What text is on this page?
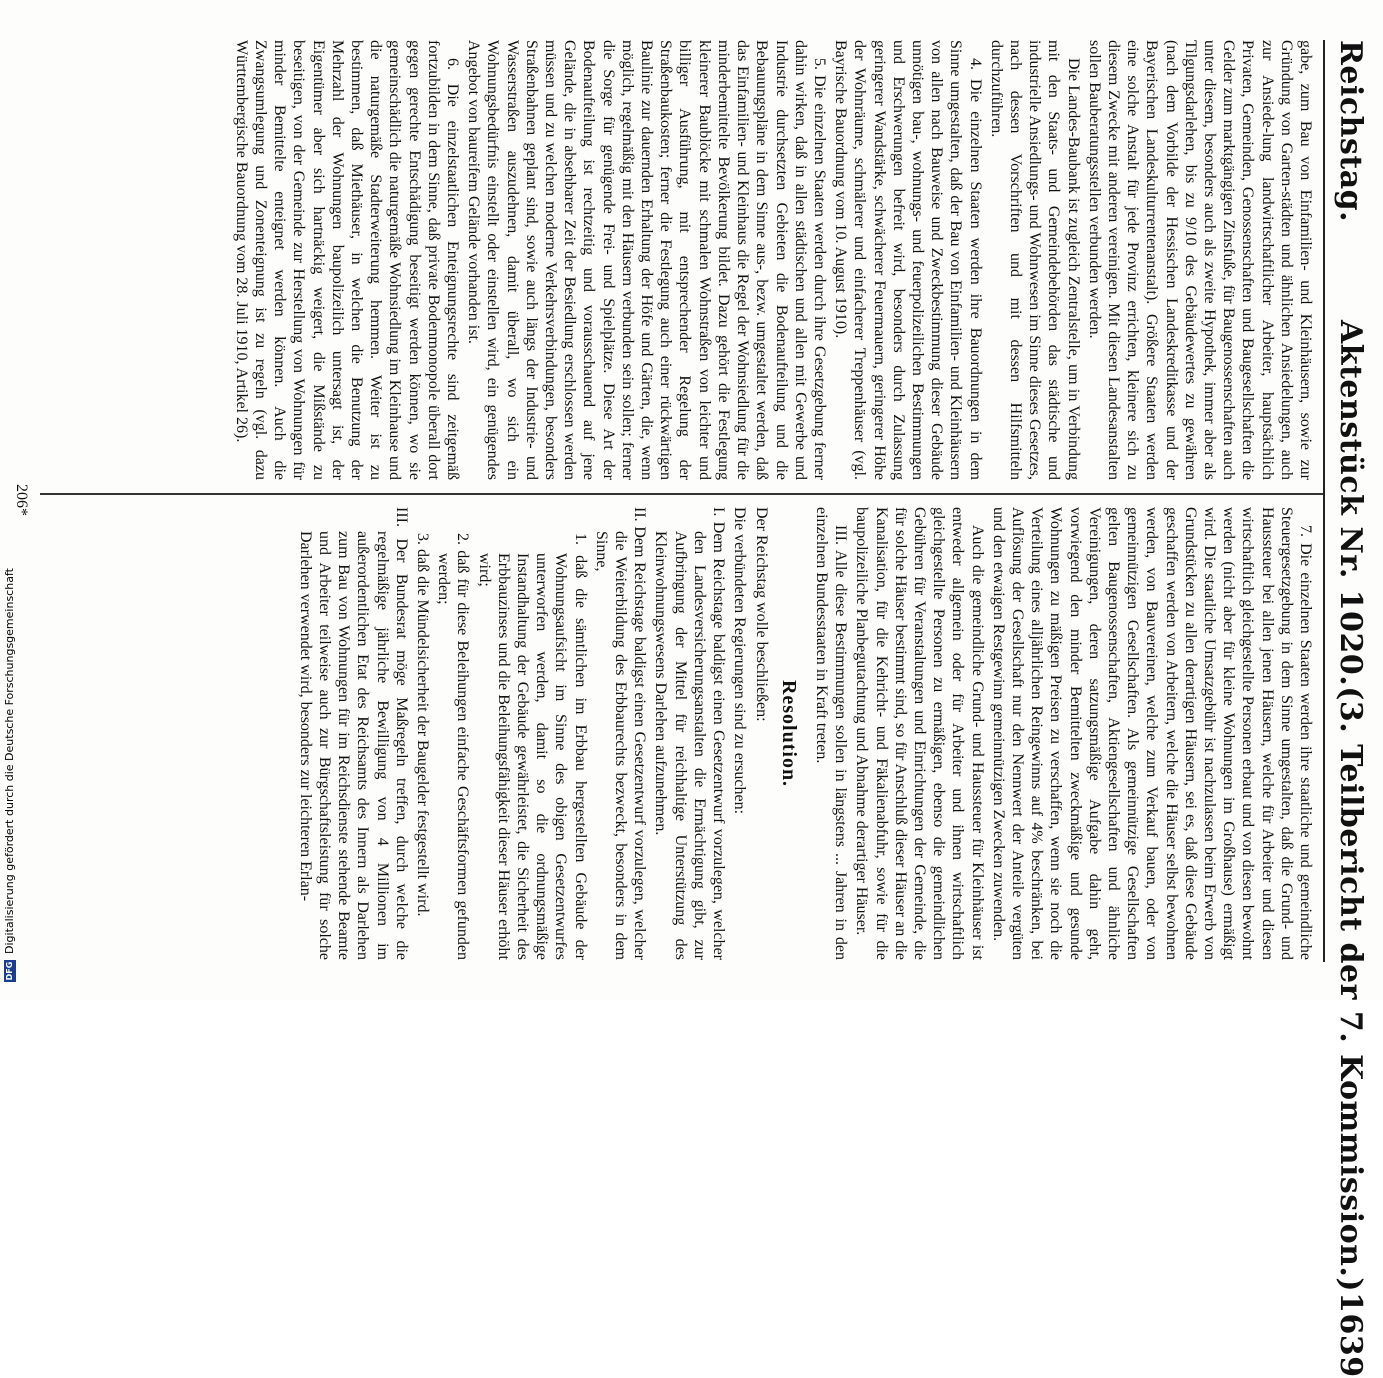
Reichstag.
Aktenstück Nr. 1020.
(3. Teilbericht der 7. Kommission.)
1639

gabe, zum Bau von Einfamilien- und Kleinhäusern, sowie zur Gründung von Garten-städten und ähnlichen Ansiedelungen, auch zur Ansiede-lung landwirtschaftlicher Arbeiter, hauptsächlich Privaten, Gemeinden, Genossenschaften und Baugesellschaften die Gelder zum marktgängigen Zinsfuße, für Baugenossenschaften auch unter diesem, besonders auch als zweite Hypothek, immer aber als Tilgungsdarlehen, bis zu 9/10 des Gebäudewertes zu gewähren (nach dem Vorbilde der Hessischen Landeskreditkasse und der Bayerischen Landeskulturrentenanstalt). Größere Staaten werden eine solche Anstalt für jede Provinz errichten, kleinere sich zu diesem Zwecke mit anderen vereinigen. Mit diesen Landesanstalten sollen Bauberatungsstellen verbunden werden.

Die Landes-Baubank ist zugleich Zentralstelle, um in Verbindung mit den Staats- und Gemeindebehörden das städtische und industrielle Ansiedlungs- und Wohnwesen im Sinne dieses Gesetzes, nach dessen Vorschriften und mit dessen Hilfsmitteln durchzuführen.

4. Die einzelnen Staaten werden ihre Bauordnungen in dem Sinne umgestalten, daß der Bau von Einfamilien- und Kleinhäusern von allen nach Bauweise und Zweckbestimmung dieser Gebäude unnötigen bau-, wohnungs- und feuerpolizeilichen Bestimmungen und Erschwerungen befreit wird, besonders durch Zulassung geringerer Wandstärke, schwächerer Feuermauern, geringerer Höhe der Wohnräume, schmälerer und einfacherer Treppenhäuser (vgl. Bayrische Bauordnung vom 10. August 1910).

5. Die einzelnen Staaten werden durch ihre Gesetzgebung ferner dahin wirken, daß in allen städtischen und allen mit Gewerbe und Industrie durchsetzten Gebieten die Bodenaufteilung und die Bebauungspläne in dem Sinne aus-, bezw. umgestaltet werden, daß das Einfamilien- und Kleinhaus die Regel der Wohnsiedlung für die minderbemittelte Bevölkerung bildet. Dazu gehört die Festlegung kleinerer Baublöcke mit schmalen Wohnstraßen von leichter und billiger Ausführung, mit entsprechender Regelung der Straßenbaukosten; ferner die Festlegung auch einer rückwärtigen Baulinie zur dauernden Erhaltung der Höfe und Gärten, die, wenn möglich, regelmäßig mit den Häusern verbunden sein sollen; ferner die Sorge für genügende Frei- und Spielplätze. Diese Art der Bodenaufteilung ist rechtzeitig und vorausschauend auf jene Gelände, die in absehbarer Zeit der Besiedlung erschlossen werden müssen und zu welchen moderne Verkehrsverbindungen, besonders Straßenbahnen geplant sind, sowie auch längs der Industrie- und Wasserstraßen auszudehnen, damit überall, wo sich ein Wohnungsbedürfnis einstellt oder einstellen wird, ein genügendes Angebot von baureifem Gelände vorhanden ist.

6. Die einzelstaatlichen Enteignungsrechte sind zeitgemäß fortzubilden in dem Sinne, daß private Bodenmonopole überall dort gegen gerechte Entschädigung beseitigt werden können, wo sie gemeinschädlich die naturgemäße Wohnsiedlung im Kleinhause und die naturgemäße Stadterweiterung hemmen. Weiter ist zu bestimmen, daß Miethäuser, in welchen die Benutzung der Mehrzahl der Wohnungen baupolizeilich untersagt ist, der Eigentümer aber sich hartnäckig weigert, die Mißstände zu beseitigen, von der Gemeinde zur Herstellung von Wohnungen für minder Bemittelte enteignet werden können. Auch die Zwangsumlegung und Zonenteignung ist zu regeln (vgl. dazu Württembergische Bauordnung vom 28. Juli 1910, Artikel 26).

7. Die einzelnen Staaten werden ihre staatliche und gemeindliche Steuergesetzgebung in dem Sinne umgestalten, daß die Grund- und Haussteuer bei allen jenen Häusern, welche für Arbeiter und diesen wirtschaftlich gleichgestellte Personen erbaut und von diesen bewohnt werden (nicht aber für kleine Wohnungen im Großhause) ermäßigt wird. Die staatliche Umsatzgebühr ist nachzulassen beim Erwerb von Grundstücken zu allen derartigen Häusern, sei es, daß diese Gebäude geschaffen werden von Arbeitern, welche die Häuser selbst bewohnen werden, von Bauvereinen, welche zum Verkauf bauen, oder von gemeinnützigen Gesellschaften. Als gemeinnützige Gesellschaften gelten Baugenossenschaften, Aktiengesellschaften und ähnliche Vereinigungen, deren satzungsmäßige Aufgabe dahin geht, vorwiegend den minder Bemittelten zweckmäßige und gesunde Wohnungen zu mäßigen Preisen zu verschaffen, wenn sie noch die Verteilung eines alljährlichen Reingewinns auf 4% beschränken, bei Auflösung der Gesellschaft nur den Nennwert der Anteile vergüten und den etwaigen Restgewinn gemeinnützigen Zwecken zuwenden.

Auch die gemeindliche Grund- und Haussteuer für Kleinhäuser ist entweder allgemein oder für Arbeiter und ihnen wirtschaftlich gleichgestellte Personen zu ermäßigen, ebenso die gemeindlichen Gebühren für Veranstaltungen und Einrichtungen der Gemeinde, die für solche Häuser bestimmt sind, so für Anschluß dieser Häuser an die Kanalisation, für die Kehricht- und Fäkalienabfuhr, sowie für die baupolizeiliche Planbegutachtung und Abnahme derartiger Häuser.

III. Alle diese Bestimmungen sollen in längstens ... Jahren in den einzelnen Bundesstaaten in Kraft treten.

Resolution.

Der Reichstag wolle beschließen:

Die verbündeten Regierungen sind zu ersuchen:

I. Dem Reichstage baldigst einen Gesetzentwurf vorzulegen, welcher den Landesversicherungsanstalten die Ermächtigung gibt, zur Aufbringung der Mittel für reichhaltige Unterstützung des Kleinwohnungswesens Darlehen aufzunehmen.

II. Dem Reichstage baldigst einen Gesetzentwurf vorzulegen, welcher die Weiterbildung des Erbbaurechts bezweckt, besonders in dem Sinne,

1. daß die sämtlichen im Erbbau hergestellten Gebäude der Wohnungsaufsicht im Sinne des obigen Gesetzentwurfes unterworfen werden, damit so die ordnungsmäßige Instandhaltung der Gebäude gewährleistet, die Sicherheit des Erbbauzinses und die Beleihungsfähigkeit dieser Häuser erhöht wird;

2. daß für diese Beleihungen einfache Geschäftsformen gefunden werden;

3. daß die Mündelsicherheit der Baugelder festgestellt wird.

III. Der Bundesrat möge Maßregeln treffen, durch welche die regelmäßige jährliche Bewilligung von 4 Millionen im außerordentlichen Etat des Reichsamts des Innern als Darlehen zum Bau von Wohnungen für im Reichsdienste stehende Beamte und Arbeiter teilweise auch zur Bürgschaftsleistung für solche Darlehen verwendet wird, besonders zur leichteren Erlan-

206*
DFG
Digitalisierung gefördert durch die Deutsche Forschungsgemeinschaft
